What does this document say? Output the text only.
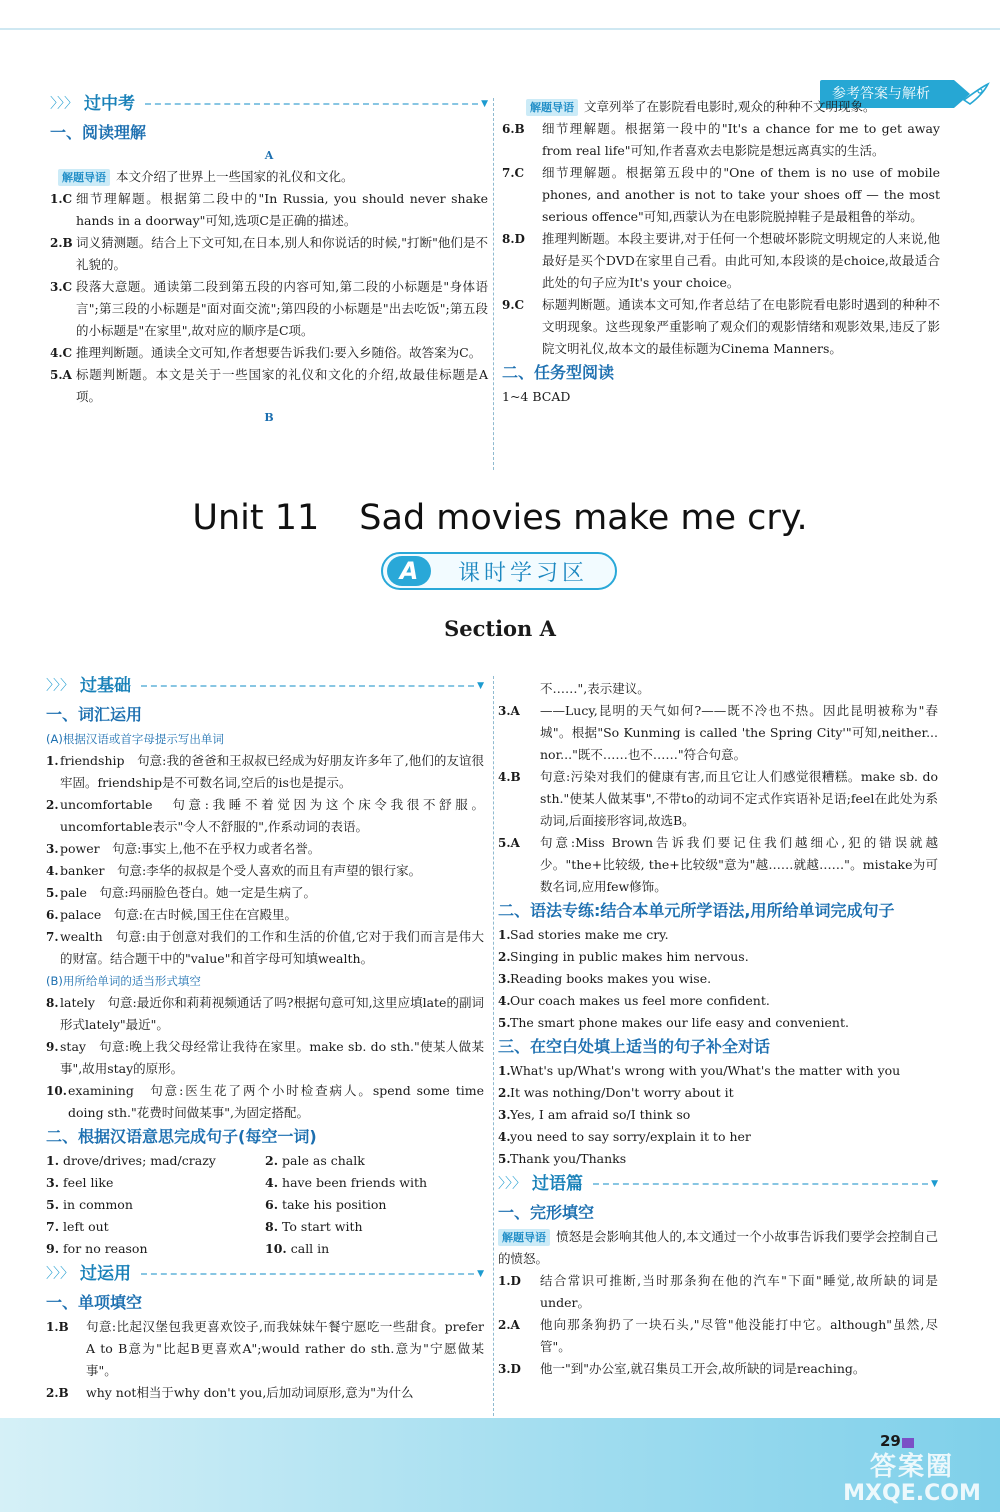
参考答案与解析
〉〉〉 过中考	▼
一、阅读理解
A
解题导语 本文介绍了世界上一些国家的礼仪和文化。
1.C 细节理解题。根据第二段中的"In Russia, you should never shake hands in a doorway"可知,选项C是正确的描述。
2.B 词义猜测题。结合上下文可知,在日本,别人和你说话的时候,"打断"他们是不礼貌的。
3.C 段落大意题。通读第二段到第五段的内容可知,第二段的小标题是"身体语言";第三段的小标题是"面对面交流";第四段的小标题是"出去吃饭";第五段的小标题是"在家里",故对应的顺序是C项。
4.C 推理判断题。通读全文可知,作者想要告诉我们:要入乡随俗。故答案为C。
5.A 标题判断题。本文是关于一些国家的礼仪和文化的介绍,故最佳标题是A项。
B
解题导语 文章列举了在影院看电影时,观众的种种不文明现象。
6.B 细节理解题。根据第一段中的"It's a chance for me to get away from real life"可知,作者喜欢去电影院是想远离真实的生活。
7.C 细节理解题。根据第五段中的"One of them is no use of mobile phones, and another is not to take your shoes off — the most serious offence"可知,西蒙认为在电影院脱掉鞋子是最粗鲁的举动。
8.D 推理判断题。本段主要讲,对于任何一个想破坏影院文明规定的人来说,他最好是买个DVD在家里自己看。由此可知,本段谈的是choice,故最适合此处的句子应为It's your choice。
9.C 标题判断题。通读本文可知,作者总结了在电影院看电影时遇到的种种不文明现象。这些现象严重影响了观众们的观影情绪和观影效果,违反了影院文明礼仪,故本文的最佳标题为Cinema Manners。
二、任务型阅读
1~4 BCAD
Unit 11 Sad movies make me cry.
A	课时学习区
Section A
〉〉〉 过基础	▼
一、词汇运用
(A)根据汉语或首字母提示写出单词
1. friendship　句意:我的爸爸和王叔叔已经成为好朋友许多年了,他们的友谊很牢固。friendship是不可数名词,空后的is也是提示。
2. uncomfortable　句意:我睡不着觉因为这个床令我很不舒服。uncomfortable表示"令人不舒服的",作系动词的表语。
3. power　句意:事实上,他不在乎权力或者名誉。
4. banker　句意:李华的叔叔是个受人喜欢的而且有声望的银行家。
5. pale　句意:玛丽脸色苍白。她一定是生病了。
6. palace　句意:在古时候,国王住在宫殿里。
7. wealth　句意:由于创意对我们的工作和生活的价值,它对于我们而言是伟大的财富。结合题干中的"value"和首字母可知填wealth。
(B)用所给单词的适当形式填空
8. lately　句意:最近你和莉莉视频通话了吗?根据句意可知,这里应填late的副词形式lately"最近"。
9. stay　句意:晚上我父母经常让我待在家里。make sb. do sth."使某人做某事",故用stay的原形。
10. examining　句意:医生花了两个小时检查病人。spend some time doing sth."花费时间做某事",为固定搭配。
二、根据汉语意思完成句子(每空一词)
1. drove/drives; mad/crazy	2. pale as chalk
3. feel like	4. have been friends with
5. in common	6. take his position
7. left out	8. To start with
9. for no reason	10. call in
〉〉〉 过运用	▼
一、单项填空
1.B 句意:比起汉堡包我更喜欢饺子,而我妹妹午餐宁愿吃一些甜食。prefer A to B意为"比起B更喜欢A";would rather do sth.意为"宁愿做某事"。
2.B why not相当于why don't you,后加动词原形,意为"为什么
不……",表示建议。
3.A ——Lucy,昆明的天气如何?——既不冷也不热。因此昆明被称为"春城"。根据"So Kunming is called 'the Spring City'"可知,neither... nor..."既不……也不……"符合句意。
4.B 句意:污染对我们的健康有害,而且它让人们感觉很糟糕。make sb. do sth."使某人做某事",不带to的动词不定式作宾语补足语;feel在此处为系动词,后面接形容词,故选B。
5.A 句意:Miss Brown告诉我们要记住我们越细心,犯的错误就越少。"the+比较级, the+比较级"意为"越……就越……"。mistake为可数名词,应用few修饰。
二、语法专练:结合本单元所学语法,用所给单词完成句子
1. Sad stories make me cry.
2. Singing in public makes him nervous.
3. Reading books makes you wise.
4. Our coach makes us feel more confident.
5. The smart phone makes our life easy and convenient.
三、在空白处填上适当的句子补全对话
1. What's up/What's wrong with you/What's the matter with you
2. It was nothing/Don't worry about it
3. Yes, I am afraid so/I think so
4. you need to say sorry/explain it to her
5. Thank you/Thanks
〉〉〉 过语篇	▼
一、完形填空
解题导语 愤怒是会影响其他人的,本文通过一个小故事告诉我们要学会控制自己的愤怒。
1.D 结合常识可推断,当时那条狗在他的汽车"下面"睡觉,故所缺的词是under。
2.A 他向那条狗扔了一块石头,"尽管"他没能打中它。although"虽然,尽管"。
3.D 他一"到"办公室,就召集员工开会,故所缺的词是reaching。
29
答案圈
MXQE.COM
